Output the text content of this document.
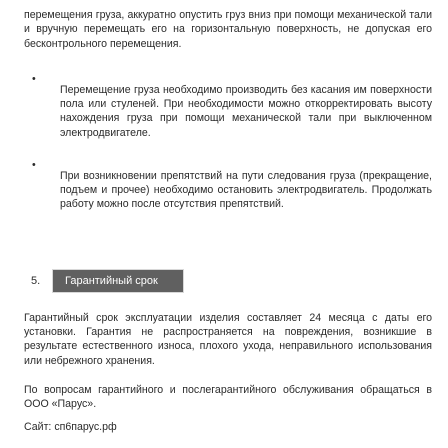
перемещения груза, аккуратно опустить груз вниз при помощи механической тали и вручную перемещать его на горизонтальную поверхность, не допуская его бесконтрольного перемещения.

•

Перемещение груза необходимо производить без касания им поверхности пола или стуленей. При необходимости можно откорректировать высоту нахождения груза при помощи механической тали при выключенном электродвигателе.

•

При возникновении препятствий на пути следования груза (прекращение, подъем и прочее) необходимо остановить электродвигатель. Продолжать работу можно после отсутствия препятствий.

5. Гарантийный срок

Гарантийный срок эксплуатации изделия составляет 24 месяца с даты его установки. Гарантия не распространяется на повреждения, возникшие в результате естественного износа, плохого ухода, неправильного использования или небрежного хранения.

По вопросам гарантийного и послегарантийного обслуживания обращаться в ООО «Парус».

Сайт: сп6парус.рф
